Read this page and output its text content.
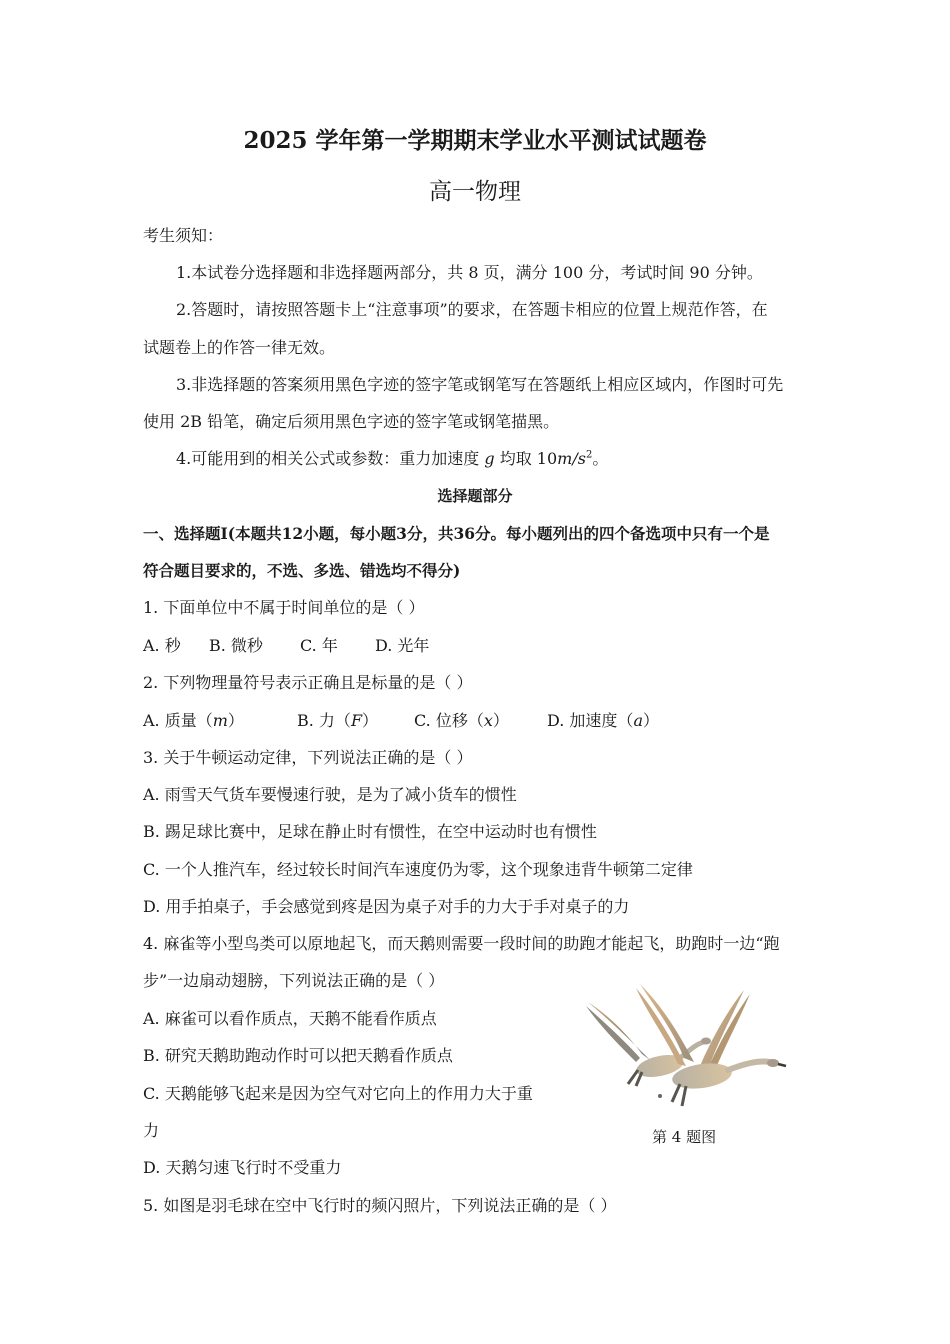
2025 学年第一学期期末学业水平测试试题卷
高一物理
考生须知：
1.本试卷分选择题和非选择题两部分，共 8 页，满分 100 分，考试时间 90 分钟。
2.答题时，请按照答题卡上“注意事项”的要求，在答题卡相应的位置上规范作答，在
试题卷上的作答一律无效。
3.非选择题的答案须用黑色字迹的签字笔或钢笔写在答题纸上相应区域内，作图时可先
使用 2B 铅笔，确定后须用黑色字迹的签字笔或钢笔描黑。
4.可能用到的相关公式或参数：重力加速度 g 均取 $10m/s^2$。
选择题部分
一、选择题Ⅰ(本题共12小题，每小题3分，共36分。每小题列出的四个备选项中只有一个是
符合题目要求的，不选、多选、错选均不得分)
1. 下面单位中不属于时间单位的是（ ）
A. 秒 B. 微秒 C. 年 D. 光年
2. 下列物理量符号表示正确且是标量的是（ ）
A. 质量（m）	B. 力（F） C. 位移（x） D. 加速度（a）
3. 关于牛顿运动定律，下列说法正确的是（ ）
A. 雨雪天气货车要慢速行驶，是为了减小货车的惯性
B. 踢足球比赛中，足球在静止时有惯性，在空中运动时也有惯性
C. 一个人推汽车，经过较长时间汽车速度仍为零，这个现象违背牛顿第二定律
D. 用手拍桌子，手会感觉到疼是因为桌子对手的力大于手对桌子的力
4. 麻雀等小型鸟类可以原地起飞，而天鹅则需要一段时间的助跑才能起飞，助跑时一边“跑
步”一边扇动翅膀，下列说法正确的是（ ）
A. 麻雀可以看作质点，天鹅不能看作质点
B. 研究天鹅助跑动作时可以把天鹅看作质点
C. 天鹅能够飞起来是因为空气对它向上的作用力大于重
力
D. 天鹅匀速飞行时不受重力
第 4 题图
5. 如图是羽毛球在空中飞行时的频闪照片，下列说法正确的是（ ）
